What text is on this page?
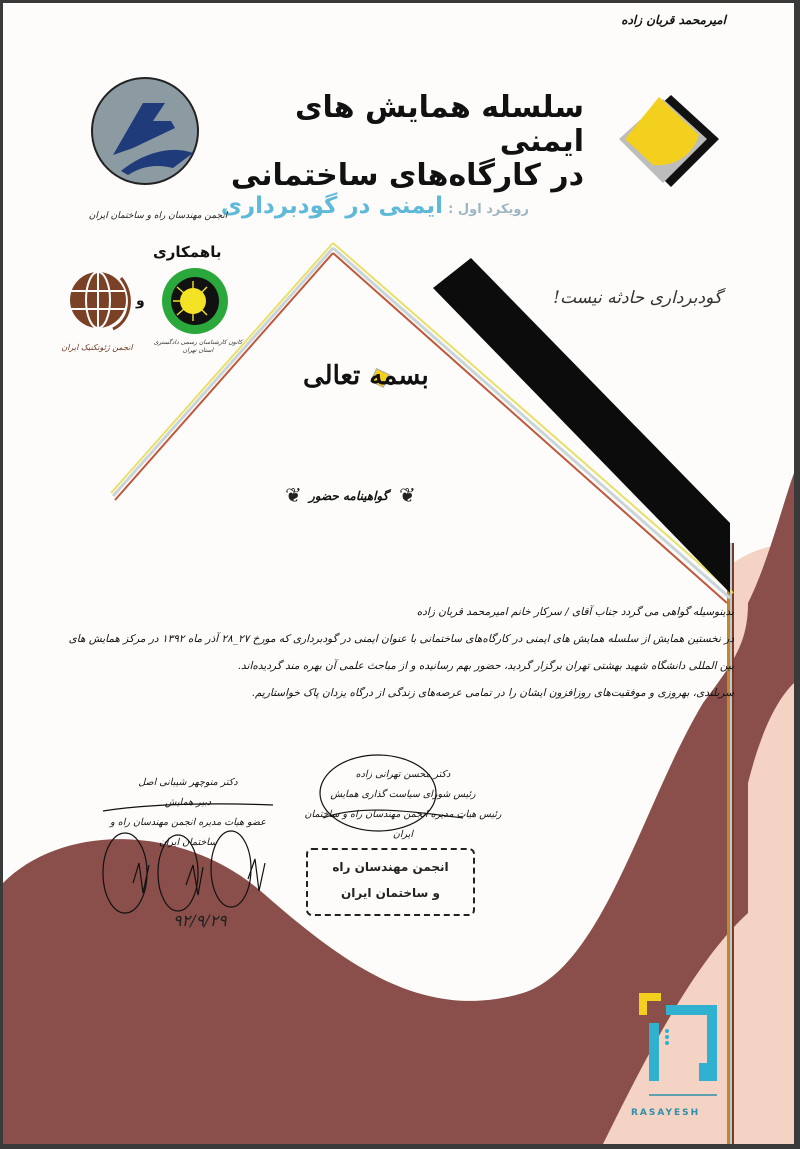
امیرمحمد قربان زاده
سلسله همایش های ایمنی
در کارگاه‌های ساختمانی
رویکرد اول : ایمنی در گودبرداری
گودبرداری حادثه نیست!
انجمن مهندسان راه و ساختمان ایران
باهمکاری
و
کانون کارشناسان رسمی دادگستری استان تهران
انجمن ژئوتکنیک ایران
بسمه تعالی
❦ گواهینامه حضور ❦

بدینوسیله گواهی می گردد جناب آقای / سرکار خانم امیرمحمد قربان زاده

در نخستین همایش از سلسله همایش های ایمنی در کارگاه‌های ساختمانی با عنوان ایمنی در گودبرداری که مورخ ۲۷_۲۸ آذر ماه ۱۳۹۲ در مرکز همایش های

بین المللی دانشگاه شهید بهشتی تهران برگزار گردید، حضور بهم رسانیده و از مباحث علمی آن بهره مند گردیده‌اند.

سربلندی، بهروزی و موفقیت‌های روزافزون ایشان را در تمامی عرصه‌های زندگی از درگاه یزدان پاک خواستاریم.

دکتر منوچهر شیبانی اصل
دبیر همایش
عضو هیات مدیره انجمن مهندسان راه و ساختمان ایران
۹۲/۹/۲۹
دکتر محسن تهرانی زاده
رئیس شورای سیاست گذاری همایش
رئیس هیات مدیره انجمن مهندسان راه و ساختمان ایران
انجمن مهندسان راه
و ساختمان ایران
RASAYESH
